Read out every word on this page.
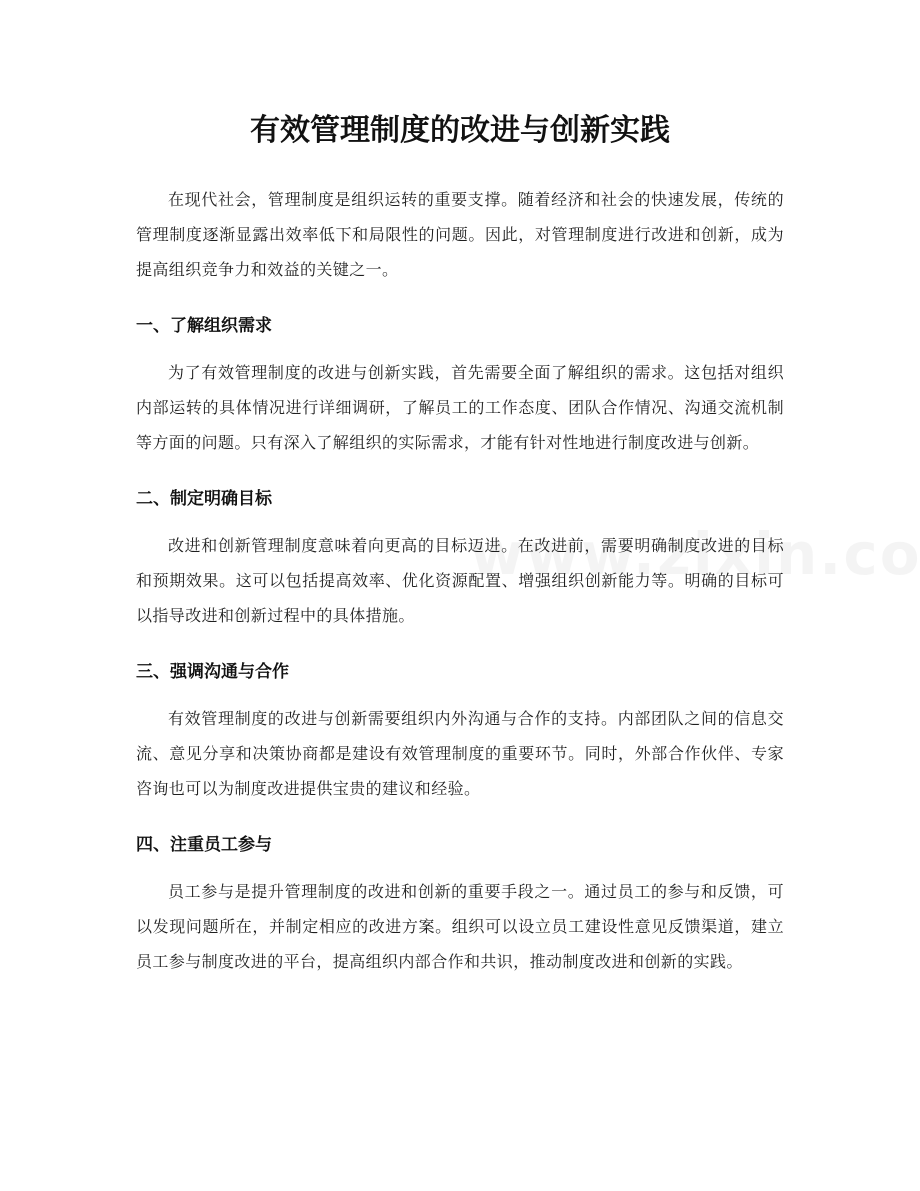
有效管理制度的改进与创新实践

在现代社会，管理制度是组织运转的重要支撑。随着经济和社会的快速发展，传统的管理制度逐渐显露出效率低下和局限性的问题。因此，对管理制度进行改进和创新，成为提高组织竞争力和效益的关键之一。

一、了解组织需求

为了有效管理制度的改进与创新实践，首先需要全面了解组织的需求。这包括对组织内部运转的具体情况进行详细调研，了解员工的工作态度、团队合作情况、沟通交流机制等方面的问题。只有深入了解组织的实际需求，才能有针对性地进行制度改进与创新。

二、制定明确目标

改进和创新管理制度意味着向更高的目标迈进。在改进前，需要明确制度改进的目标和预期效果。这可以包括提高效率、优化资源配置、增强组织创新能力等。明确的目标可以指导改进和创新过程中的具体措施。

三、强调沟通与合作

有效管理制度的改进与创新需要组织内外沟通与合作的支持。内部团队之间的信息交流、意见分享和决策协商都是建设有效管理制度的重要环节。同时，外部合作伙伴、专家咨询也可以为制度改进提供宝贵的建议和经验。

四、注重员工参与

员工参与是提升管理制度的改进和创新的重要手段之一。通过员工的参与和反馈，可以发现问题所在，并制定相应的改进方案。组织可以设立员工建设性意见反馈渠道，建立员工参与制度改进的平台，提高组织内部合作和共识，推动制度改进和创新的实践。
